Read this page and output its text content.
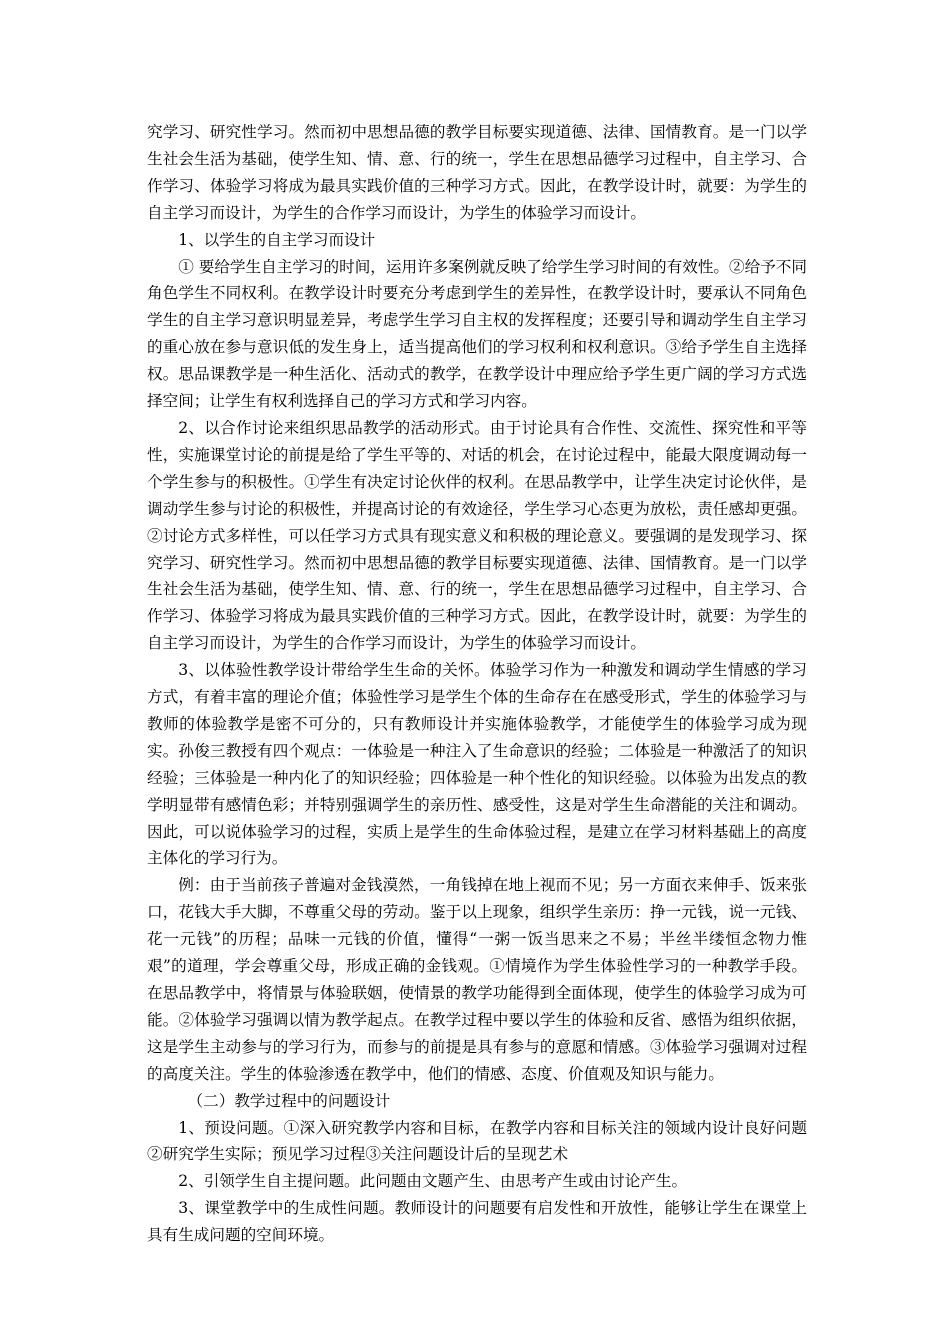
究学习、研究性学习。然而初中思想品德的教学目标要实现道德、法律、国情教育。是一门以学生社会生活为基础，使学生知、情、意、行的统一，学生在思想品德学习过程中，自主学习、合作学习、体验学习将成为最具实践价值的三种学习方式。因此，在教学设计时，就要：为学生的自主学习而设计，为学生的合作学习而设计，为学生的体验学习而设计。

1、以学生的自主学习而设计

① 要给学生自主学习的时间，运用许多案例就反映了给学生学习时间的有效性。②给予不同角色学生不同权利。在教学设计时要充分考虑到学生的差异性，在教学设计时，要承认不同角色学生的自主学习意识明显差异，考虑学生学习自主权的发挥程度；还要引导和调动学生自主学习的重心放在参与意识低的发生身上，适当提高他们的学习权利和权利意识。③给予学生自主选择权。思品课教学是一种生活化、活动式的教学，在教学设计中理应给予学生更广阔的学习方式选择空间；让学生有权利选择自己的学习方式和学习内容。

2、以合作讨论来组织思品教学的活动形式。由于讨论具有合作性、交流性、探究性和平等性，实施课堂讨论的前提是给了学生平等的、对话的机会，在讨论过程中，能最大限度调动每一个学生参与的积极性。①学生有决定讨论伙伴的权利。在思品教学中，让学生决定讨论伙伴，是调动学生参与讨论的积极性，并提高讨论的有效途径，学生学习心态更为放松，责任感却更强。②讨论方式多样性，可以任学习方式具有现实意义和积极的理论意义。要强调的是发现学习、探究学习、研究性学习。然而初中思想品德的教学目标要实现道德、法律、国情教育。是一门以学生社会生活为基础，使学生知、情、意、行的统一，学生在思想品德学习过程中，自主学习、合作学习、体验学习将成为最具实践价值的三种学习方式。因此，在教学设计时，就要：为学生的自主学习而设计，为学生的合作学习而设计，为学生的体验学习而设计。

3、以体验性教学设计带给学生生命的关怀。体验学习作为一种激发和调动学生情感的学习方式，有着丰富的理论介值；体验性学习是学生个体的生命存在在感受形式，学生的体验学习与教师的体验教学是密不可分的，只有教师设计并实施体验教学，才能使学生的体验学习成为现实。孙俊三教授有四个观点：一体验是一种注入了生命意识的经验；二体验是一种激活了的知识经验；三体验是一种内化了的知识经验；四体验是一种个性化的知识经验。以体验为出发点的教学明显带有感情色彩；并特别强调学生的亲历性、感受性，这是对学生生命潜能的关注和调动。因此，可以说体验学习的过程，实质上是学生的生命体验过程，是建立在学习材料基础上的高度主体化的学习行为。

例：由于当前孩子普遍对金钱漠然，一角钱掉在地上视而不见；另一方面衣来伸手、饭来张口，花钱大手大脚，不尊重父母的劳动。鉴于以上现象，组织学生亲历：挣一元钱，说一元钱、花一元钱”的历程；品味一元钱的价值，懂得“一粥一饭当思来之不易；半丝半缕恒念物力惟艰”的道理，学会尊重父母，形成正确的金钱观。①情境作为学生体验性学习的一种教学手段。在思品教学中，将情景与体验联姻，使情景的教学功能得到全面体现，使学生的体验学习成为可能。②体验学习强调以情为教学起点。在教学过程中要以学生的体验和反省、感悟为组织依据，这是学生主动参与的学习行为，而参与的前提是具有参与的意愿和情感。③体验学习强调对过程的高度关注。学生的体验渗透在教学中，他们的情感、态度、价值观及知识与能力。

（二）教学过程中的问题设计

1、预设问题。①深入研究教学内容和目标，在教学内容和目标关注的领域内设计良好问题②研究学生实际；预见学习过程③关注问题设计后的呈现艺术

2、引领学生自主提问题。此问题由文题产生、由思考产生或由讨论产生。

3、课堂教学中的生成性问题。教师设计的问题要有启发性和开放性，能够让学生在课堂上具有生成问题的空间环境。
